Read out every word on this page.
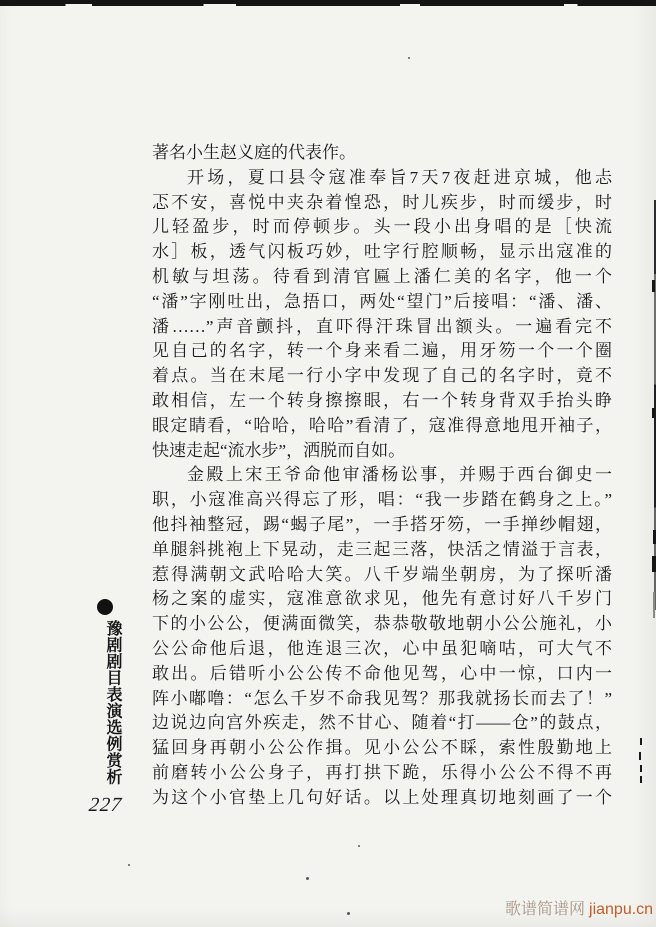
豫剧剧目表演选例赏析
227
著名小生赵义庭的代表作。
开场，夏口县令寇准奉旨7天7夜赶进京城，他忐
忑不安，喜悦中夹杂着惶恐，时儿疾步，时而缓步，时
儿轻盈步，时而停顿步。头一段小出身唱的是［快流
水］板，透气闪板巧妙，吐字行腔顺畅，显示出寇准的
机敏与坦荡。待看到清官匾上潘仁美的名字，他一个
“潘”字刚吐出，急捂口，两处“望门”后接唱：“潘、潘、
潘……”声音颤抖，直吓得汗珠冒出额头。一遍看完不
见自己的名字，转一个身来看二遍，用牙笏一个一个圈
着点。当在末尾一行小字中发现了自己的名字时，竟不
敢相信，左一个转身擦擦眼，右一个转身背双手抬头睁
眼定睛看，“哈哈，哈哈”看清了，寇准得意地甩开袖子，
快速走起“流水步”，洒脱而自如。
金殿上宋王爷命他审潘杨讼事，并赐于西台御史一
职，小寇准高兴得忘了形，唱：“我一步踏在鹤身之上。”
他抖袖整冠，踢“蝎子尾”，一手搭牙笏，一手掸纱帽翅，
单腿斜挑袍上下晃动，走三起三落，快活之情溢于言表，
惹得满朝文武哈哈大笑。八千岁端坐朝房，为了探听潘
杨之案的虚实，寇准意欲求见，他先有意讨好八千岁门
下的小公公，便满面微笑，恭恭敬敬地朝小公公施礼，小
公公命他后退，他连退三次，心中虽犯嘀咕，可大气不
敢出。后错听小公公传不命他见驾，心中一惊，口内一
阵小嘟噜：“怎么千岁不命我见驾？那我就扬长而去了！”
边说边向宫外疾走，然不甘心、随着“打——仓”的鼓点，
猛回身再朝小公公作揖。见小公公不睬，索性殷勤地上
前磨转小公公身子，再打拱下跪，乐得小公公不得不再
为这个小官垫上几句好话。以上处理真切地刻画了一个
歌谱简谱网 jianpu.cn
